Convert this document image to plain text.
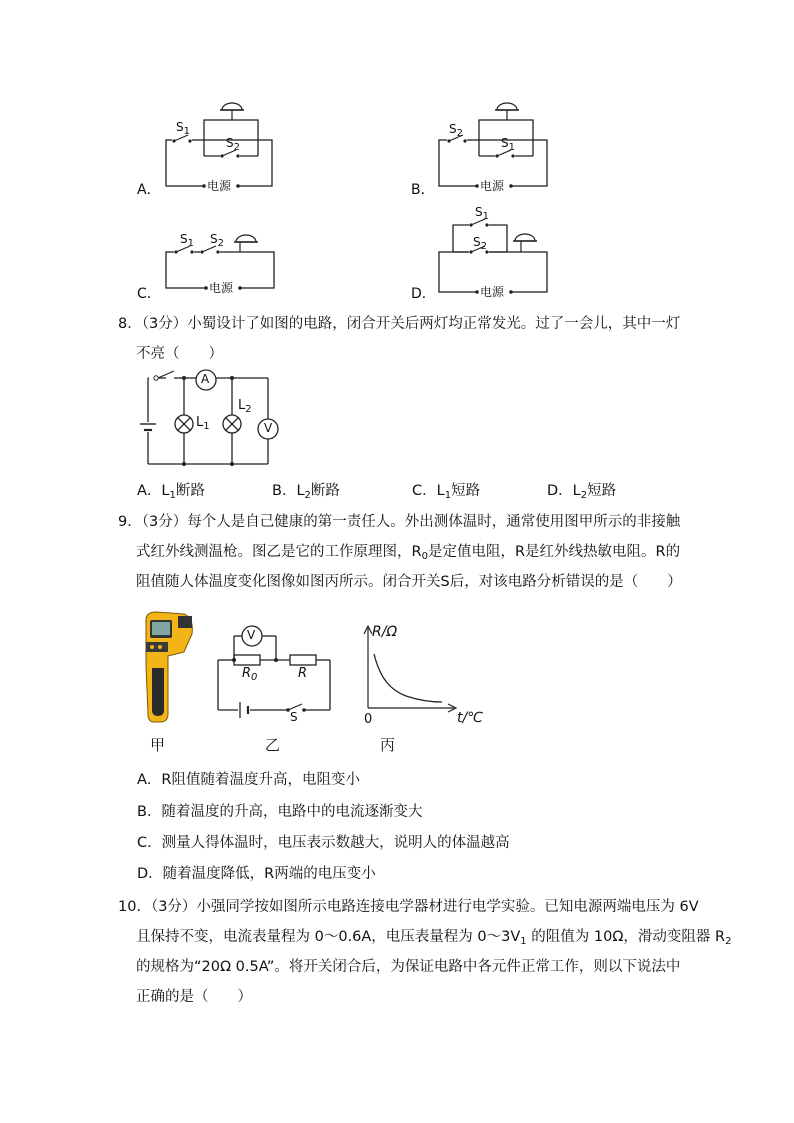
$S_1$
$S_2$
电源
A．
$S_2$
$S_1$
电源
B．
$S_1$ $S_2$
电源
C．
$S_1$
$S_2$
电源
D．
8．（3分）小蜀设计了如图的电路，闭合开关后两灯均正常发光。过了一会儿，其中一灯
不亮（　　）
A
V
$L_1$
$L_2$
A．$L_1$断路	B．$L_2$断路	C．$L_1$短路	D．$L_2$短路
9．（3分）每个人是自己健康的第一责任人。外出测体温时，通常使用图甲所示的非接触
式红外线测温枪。图乙是它的工作原理图，$R_0$是定值电阻，R是红外线热敏电阻。R的
阻值随人体温度变化图像如图丙所示。闭合开关S后，对该电路分析错误的是（　　）
甲
V
$R_0$	R
S
乙
R/Ω
t/℃
0
丙
A．R阻值随着温度升高，电阻变小
B．随着温度的升高，电路中的电流逐渐变大
C．测量人得体温时，电压表示数越大，说明人的体温越高
D．随着温度降低，R两端的电压变小
10．（3分）小强同学按如图所示电路连接电学器材进行电学实验。已知电源两端电压为 6V
且保持不变，电流表量程为 0～0.6A，电压表量程为 $0\sim 3V_1$ 的阻值为 10Ω，滑动变阻器 $R_2$
的规格为“20Ω 0.5A”。将开关闭合后，为保证电路中各元件正常工作，则以下说法中
正确的是（　　）
